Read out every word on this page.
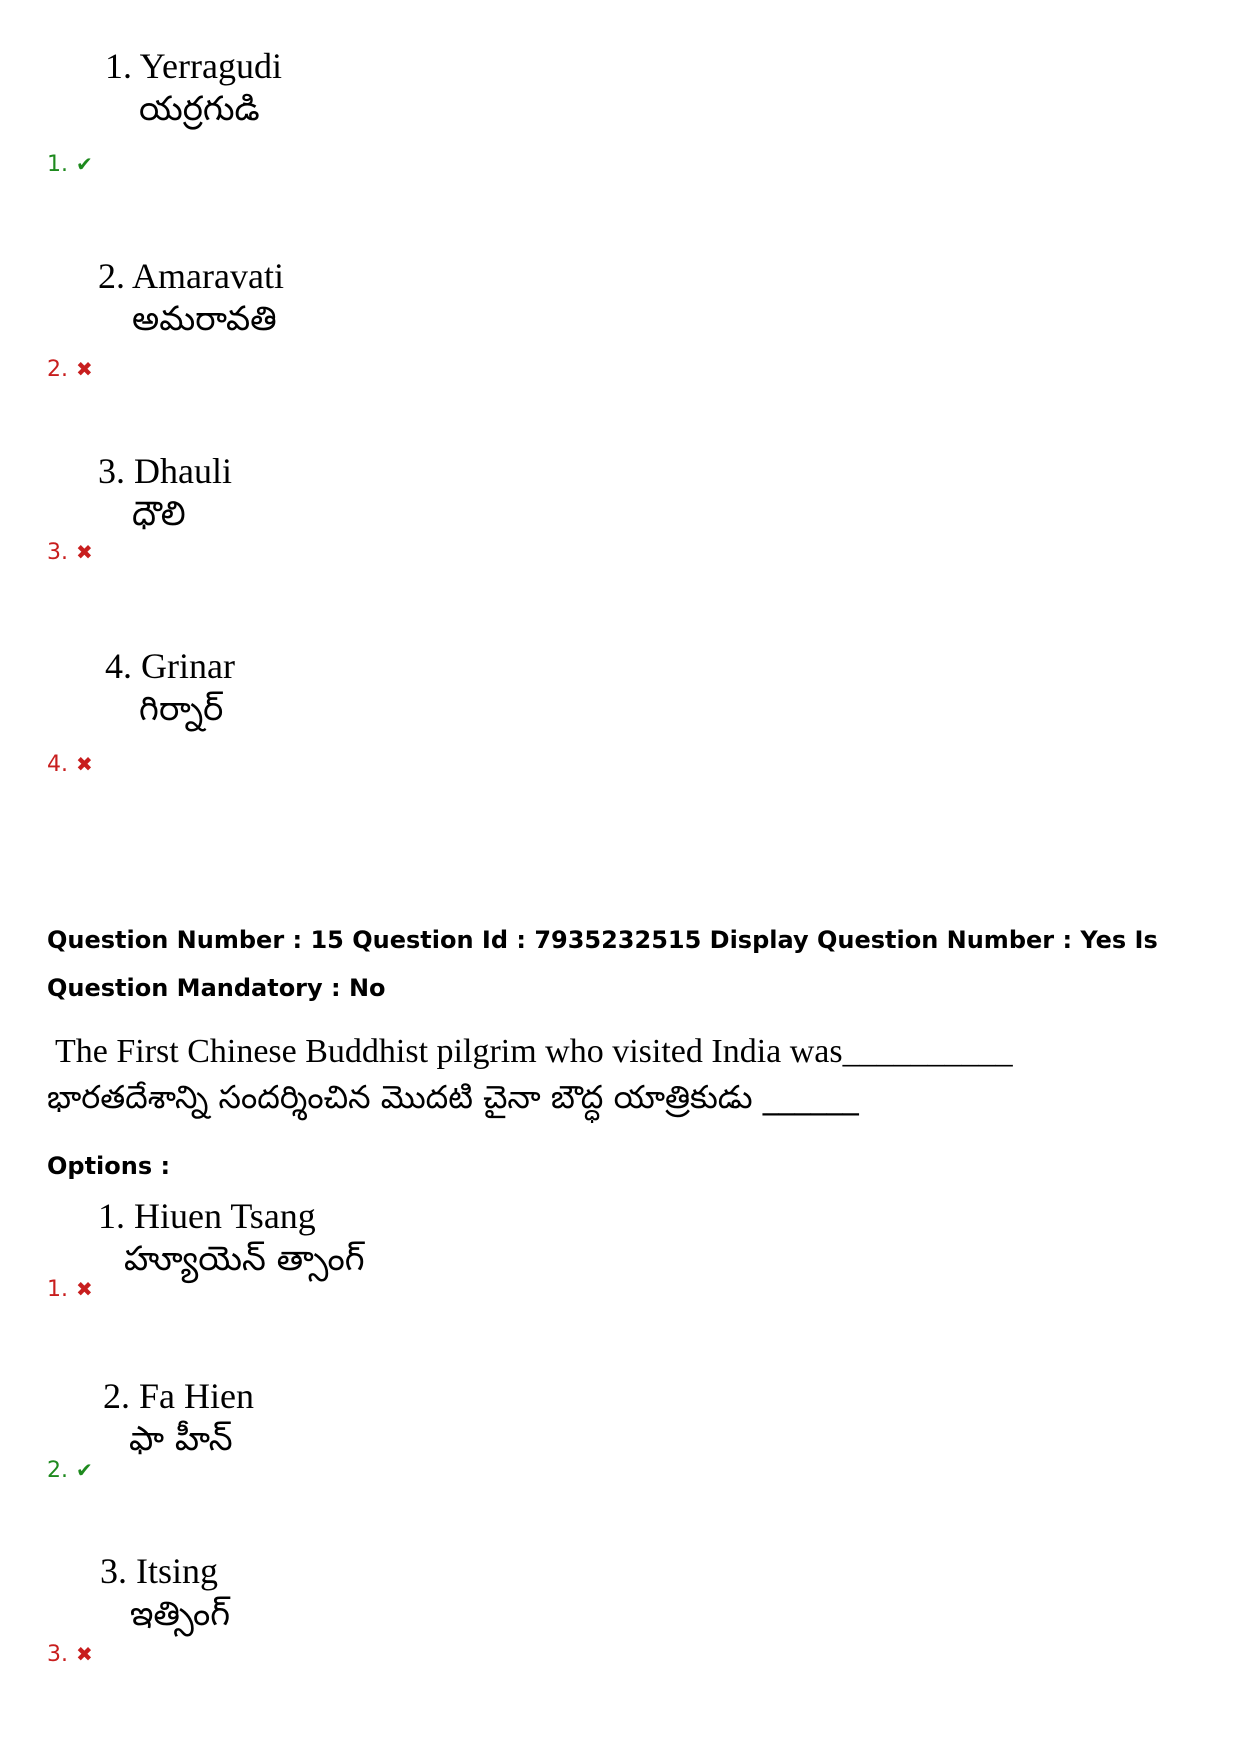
1. Yerragudi
యర్రగుడి
1. ✔
2. Amaravati
అమరావతి
2. ✖
3. Dhauli
ధౌలి
3. ✖
4. Grinar
గిర్నార్
4. ✖
Question Number : 15 Question Id : 7935232515 Display Question Number : Yes Is Question Mandatory : No
The First Chinese Buddhist pilgrim who visited India was__________
భారతదేశాన్ని సందర్శించిన మొదటి చైనా బౌద్ధ యాత్రికుడు ______
Options :
1. Hiuen Tsang
హ్యూయెన్ త్సాంగ్
1. ✖
2. Fa Hien
ఫా హీన్
2. ✔
3. Itsing
ఇత్సింగ్
3. ✖
